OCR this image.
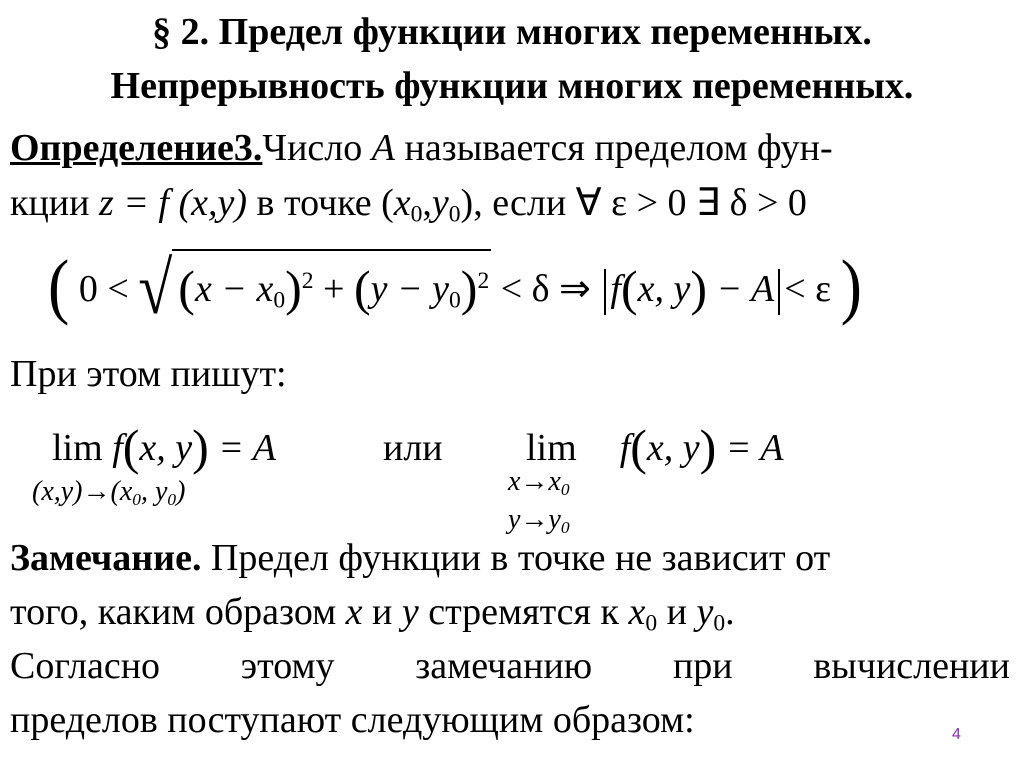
§ 2. Предел функции многих переменных.
Непрерывность функции многих переменных.
Определение3.Число A называется пределом фун-
кции z = f (x,y) в точке $(x_0,y_0)$, если ∀ ε > 0 ∃ δ > 0
( 0 < √ $(x - x_0)^2 + (y - y_0)^2 < \delta$ ⇒ f(x, y) − A < ε )
При этом пишут:
lim f(x, y) = A
$(x,y)\to(x_0$, $y_0$)
или lim f(x, y) = A
$x\to x_0$
$y\to y_0$
Замечание. Предел функции в точке не зависит от
того, каким образом x и y стремятся к $x_0$ и $y_0$.
Согласно этому замечанию при вычислении
пределов поступают следующим образом:	4
